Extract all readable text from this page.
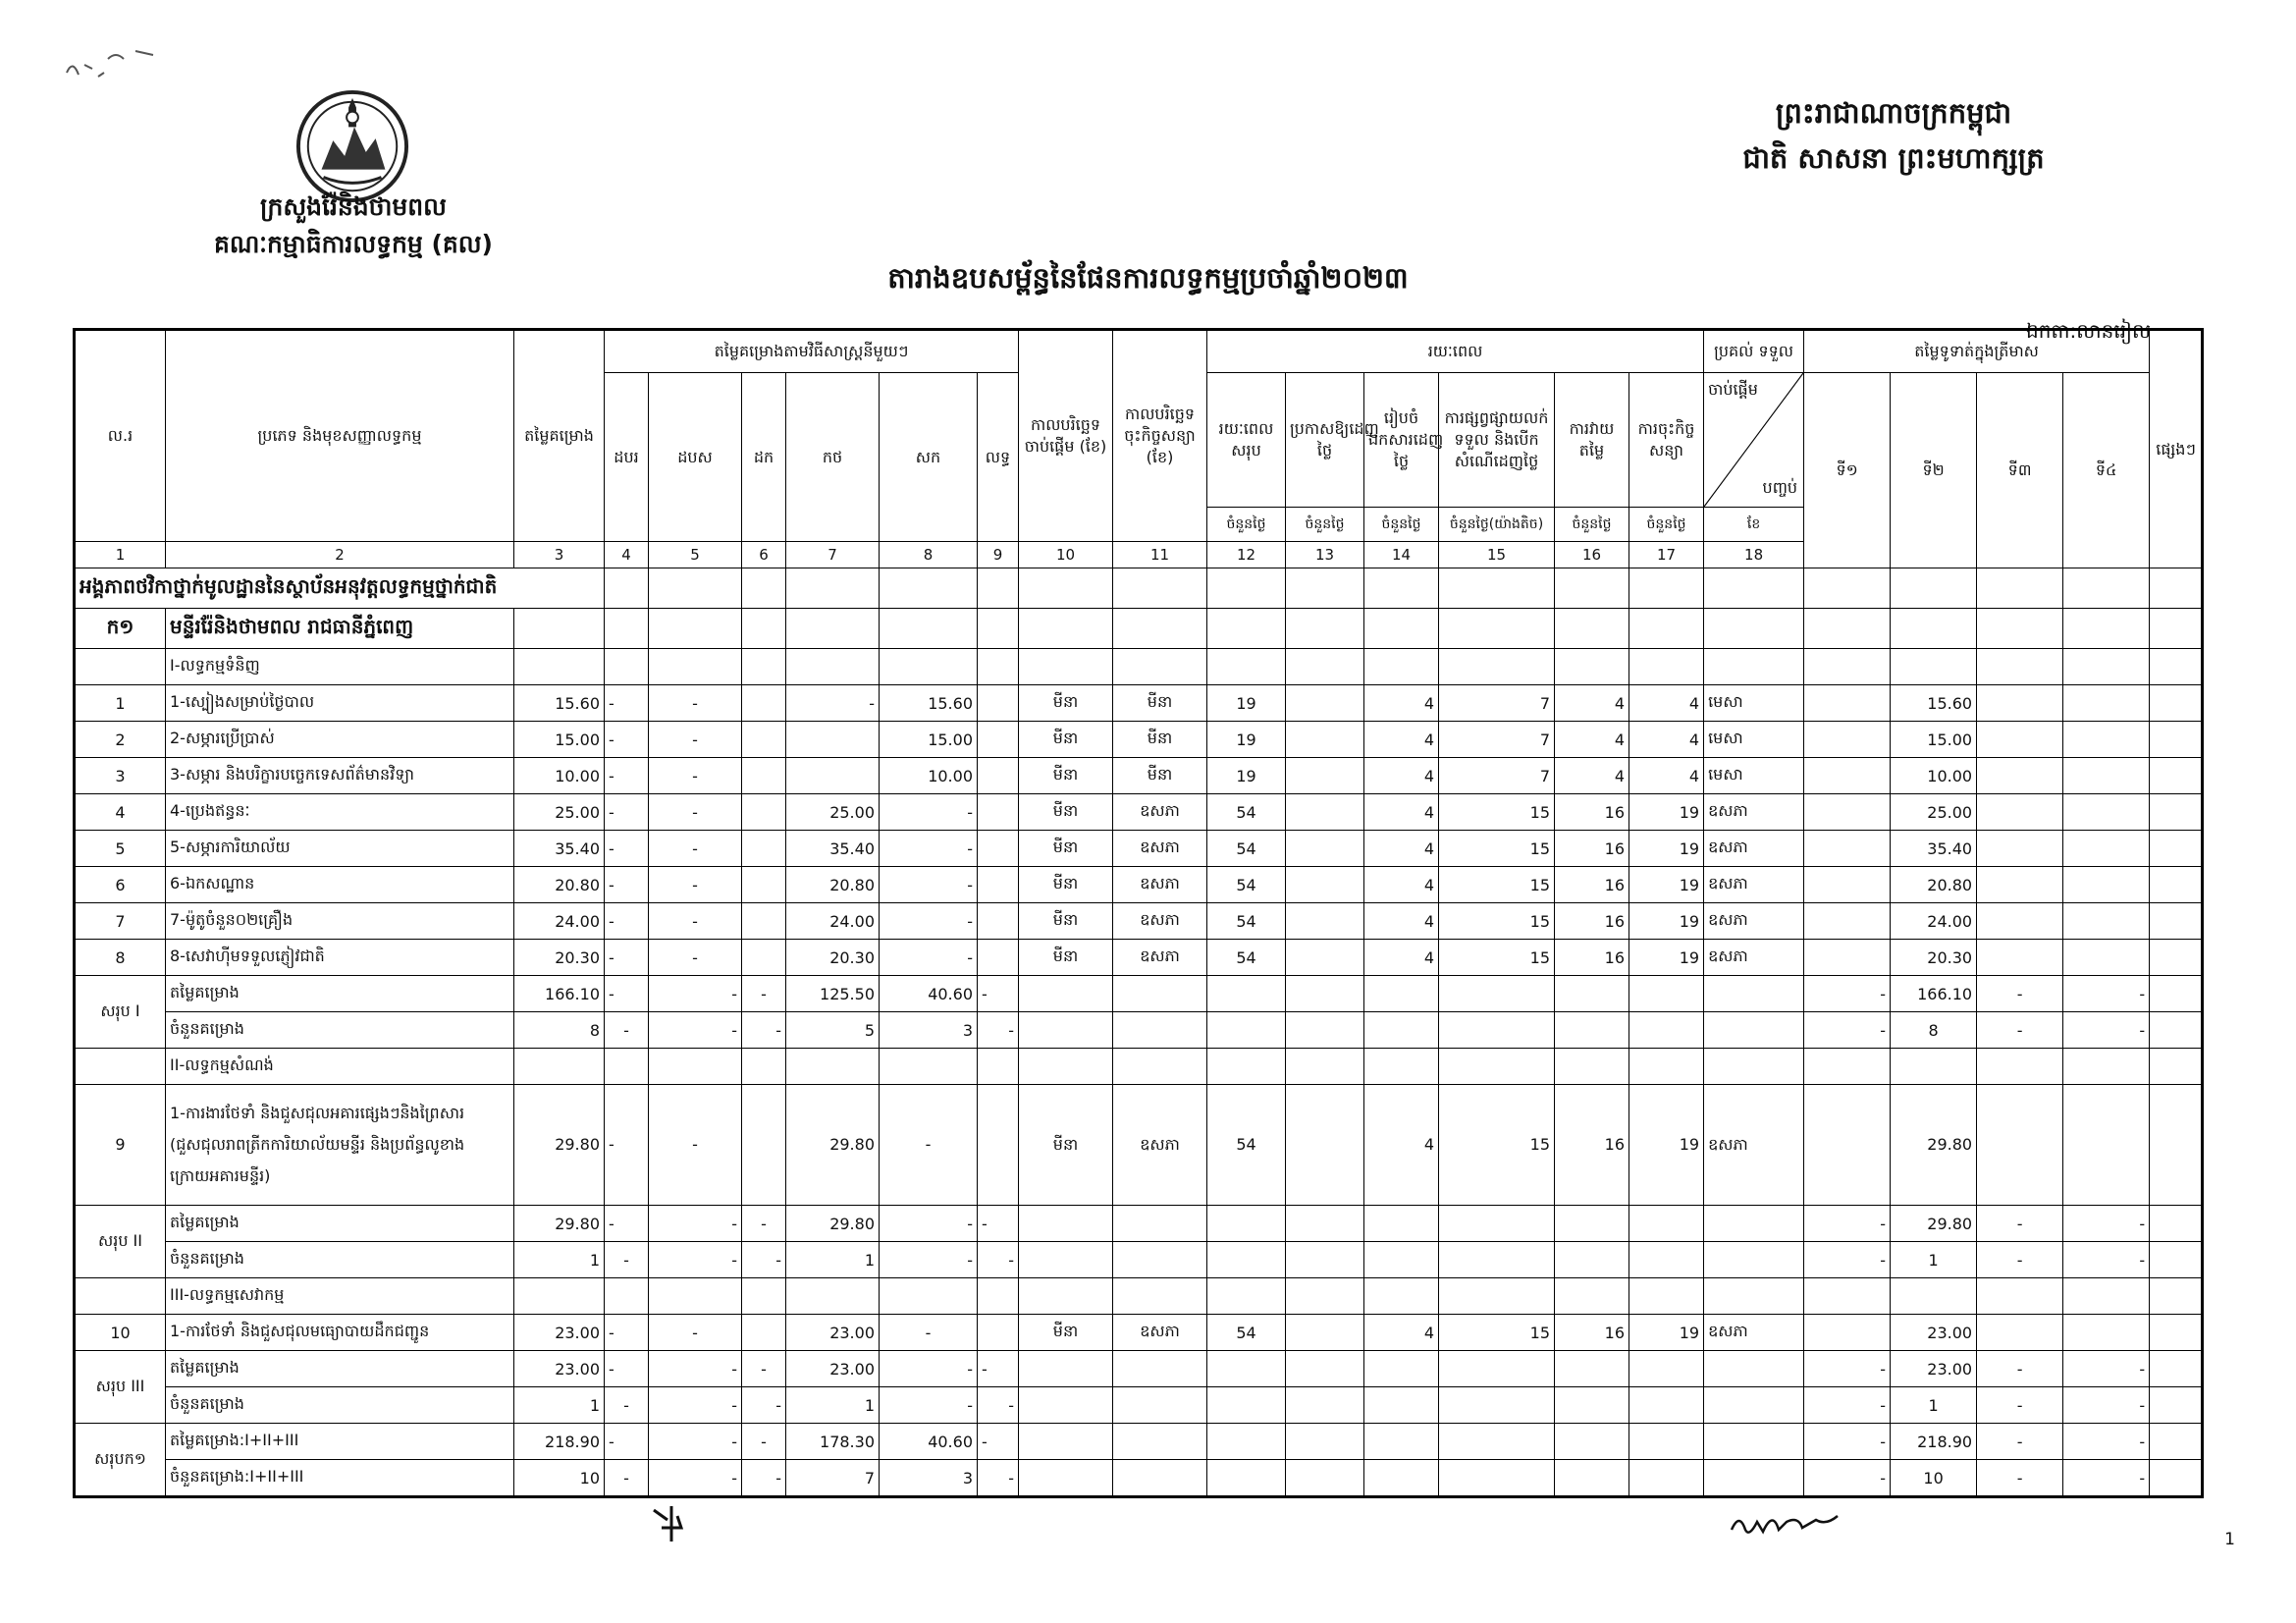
ក្រសួងរ៉ែនិងថាមពល
គណៈកម្មាធិការលទ្ធកម្ម (គល)
ព្រះរាជាណាចក្រកម្ពុជា
ជាតិ សាសនា ព្រះមហាក្សត្រ
តារាងឧបសម្ព័ន្ធនៃផែនការលទ្ធកម្មប្រចាំឆ្នាំ២០២៣
ឯកតា:លានរៀល
ល.រ	ប្រភេទ និងមុខសញ្ញាលទ្ធកម្ម	តម្លៃគម្រោង	តម្លៃគម្រោងតាមវិធីសាស្រ្តនីមួយៗ						កាលបរិច្ឆេទចាប់ផ្តើម (ខែ)	កាលបរិច្ឆេទចុះកិច្ចសន្យា (ខែ)	រយៈពេល						ប្រគល់ ទទួល	តម្លៃទូទាត់ក្នុងត្រីមាស				ផ្សេងៗ	
			ដបរ	ដបស	ដក	កថ	សក	លទ្ធ			រយៈពេលសរុប	ប្រកាសឱ្យដេញថ្លៃ	រៀបចំឯកសារដេញថ្លៃ	ការផ្សព្វផ្សាយលក់ ទទួល និងបើកសំណើដេញថ្លៃ	ការវាយតម្លៃ	ការចុះកិច្ចសន្យា	ចាប់ផ្តើម
បញ្ចប់	ទី១	ទី២	ទី៣	ទី៤		
											ចំនួនថ្ងៃ	ចំនួនថ្ងៃ	ចំនួនថ្ងៃ	ចំនួនថ្ងៃ(យ៉ាងតិច)	ចំនួនថ្ងៃ	ចំនួនថ្ងៃ	ខែ						
1	2	3	4	5	6	7	8	9	10	11	12	13	14	15	16	17	18				
អង្គភាពថវិកាថ្នាក់មូលដ្ឋាននៃស្ថាប័នអនុវត្តលទ្ធកម្មថ្នាក់ជាតិ																							
ក១	មន្ទីររ៉ែនិងថាមពល រាជធានីភ្នំពេញ																						
	I-លទ្ធកម្មទំនិញ																						
1	1-ស្បៀងសម្រាប់ថ្ងៃបាល	15.60	-	-		-	15.60		មីនា	មីនា	19		4	7	4	4	មេសា		15.60				
2	2-សម្ភារប្រើប្រាស់	15.00	-	-			15.00		មីនា	មីនា	19		4	7	4	4	មេសា		15.00				
3	3-សម្ភារ និងបរិក្ខារបច្ចេកទេសព័ត៌មានវិទ្យា	10.00	-	-			10.00		មីនា	មីនា	19		4	7	4	4	មេសា		10.00				
4	4-ប្រេងឥន្ធនៈ	25.00	-	-		25.00	-		មីនា	ឧសភា	54		4	15	16	19	ឧសភា		25.00				
5	5-សម្ភារការិយាល័យ	35.40	-	-		35.40	-		មីនា	ឧសភា	54		4	15	16	19	ឧសភា		35.40				
6	6-ឯកសណ្ឋាន	20.80	-	-		20.80	-		មីនា	ឧសភា	54		4	15	16	19	ឧសភា		20.80				
7	7-ម៉ូតូចំនួន០២គ្រឿង	24.00	-	-		24.00	-		មីនា	ឧសភា	54		4	15	16	19	ឧសភា		24.00				
8	8-សេវាហ៊ីមទទួលភ្ញៀវជាតិ	20.30	-	-		20.30	-		មីនា	ឧសភា	54		4	15	16	19	ឧសភា		20.30				
សរុប I	តម្លៃគម្រោង	166.10	-	-	-	125.50	40.60	-										-	166.10	-	-		
	ចំនួនគម្រោង	8	-	-	-	5	3	-										-	8	-	-		
	II-លទ្ធកម្មសំណង់																						
9	1-ការងារថែទាំ និងជួសជុលអគារផ្សេងៗនិងព្រៃសារ
(ជួសជុលរាពត្រីកការិយាល័យមន្ទីរ និងប្រព័ន្ធលូខាង
ក្រោយអគារមន្ទីរ)	29.80	-	-		29.80	-		មីនា	ឧសភា	54		4	15	16	19	ឧសភា		29.80				
សរុប II	តម្លៃគម្រោង	29.80	-	-	-	29.80	-	-										-	29.80	-	-		
	ចំនួនគម្រោង	1	-	-	-	1	-	-										-	1	-	-		
	III-លទ្ធកម្មសេវាកម្ម																						
10	1-ការថែទាំ និងជួសជុលមធ្យោបាយដឹកជញ្ជូន	23.00	-	-		23.00	-		មីនា	ឧសភា	54		4	15	16	19	ឧសភា		23.00				
សរុប III	តម្លៃគម្រោង	23.00	-	-	-	23.00	-	-										-	23.00	-	-		
	ចំនួនគម្រោង	1	-	-	-	1	-	-										-	1	-	-		
សរុបក១	តម្លៃគម្រោង:I+II+III	218.90	-	-	-	178.30	40.60	-										-	218.90	-	-		
	ចំនួនគម្រោង:I+II+III	10	-	-	-	7	3	-										-	10	-	-		
1
